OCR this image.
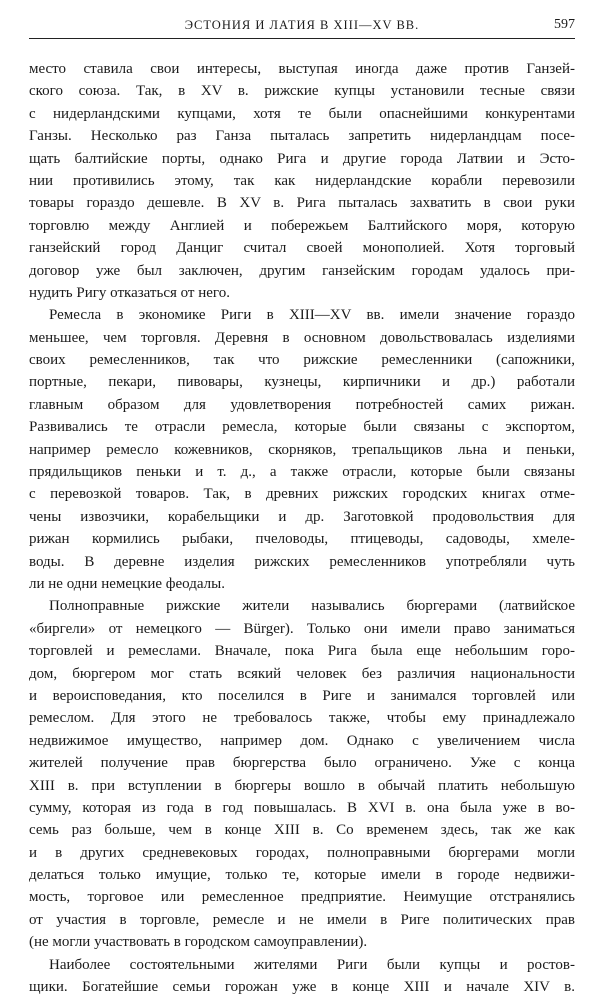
ЭСТОНИЯ И ЛАТИЯ В XIII—XV ВВ.	597
место ставила свои интересы, выступая иногда даже против Ганзей-
ского союза. Так, в XV в. рижские купцы установили тесные связи
с нидерландскими купцами, хотя те были опаснейшими конкурентами
Ганзы. Несколько раз Ганза пыталась запретить нидерландцам посе-
щать балтийские порты, однако Рига и другие города Латвии и Эсто-
нии противились этому, так как нидерландские корабли перевозили
товары гораздо дешевле. В XV в. Рига пыталась захватить в свои руки
торговлю между Англией и побережьем Балтийского моря, которую
ганзейский город Данциг считал своей монополией. Хотя торговый
договор уже был заключен, другим ганзейским городам удалось при-
нудить Ригу отказаться от него.
Ремесла в экономике Риги в XIII—XV вв. имели значение гораздо
меньшее, чем торговля. Деревня в основном довольствовалась изделиями
своих ремесленников, так что рижские ремесленники (сапожники,
портные, пекари, пивовары, кузнецы, кирпичники и др.) работали
главным образом для удовлетворения потребностей самих рижан.
Развивались те отрасли ремесла, которые были связаны с экспортом,
например ремесло кожевников, скорняков, трепальщиков льна и пеньки,
прядильщиков пеньки и т. д., а также отрасли, которые были связаны
с перевозкой товаров. Так, в древних рижских городских книгах отме-
чены извозчики, корабельщики и др. Заготовкой продовольствия для
рижан кормились рыбаки, пчеловоды, птицеводы, садоводы, хмеле-
воды. В деревне изделия рижских ремесленников употребляли чуть
ли не одни немецкие феодалы.
Полноправные рижские жители назывались бюргерами (латвийское
«биргели» от немецкого — Bürger). Только они имели право заниматься
торговлей и ремеслами. Вначале, пока Рига была еще небольшим горо-
дом, бюргером мог стать всякий человек без различия национальности
и вероисповедания, кто поселился в Риге и занимался торговлей или
ремеслом. Для этого не требовалось также, чтобы ему принадлежало
недвижимое имущество, например дом. Однако с увеличением числа
жителей получение прав бюргерства было ограничено. Уже с конца
XIII в. при вступлении в бюргеры вошло в обычай платить небольшую
сумму, которая из года в год повышалась. В XVI в. она была уже в во-
семь раз больше, чем в конце XIII в. Со временем здесь, так же как
и в других средневековых городах, полноправными бюргерами могли
делаться только имущие, только те, которые имели в городе недвижи-
мость, торговое или ремесленное предприятие. Неимущие отстранялись
от участия в торговле, ремесле и не имели в Риге политических прав
(не могли участвовать в городском самоуправлении).
Наиболее состоятельными жителями Риги были купцы и ростов-
щики. Богатейшие семьи горожан уже в конце XIII и начале XIV в.
